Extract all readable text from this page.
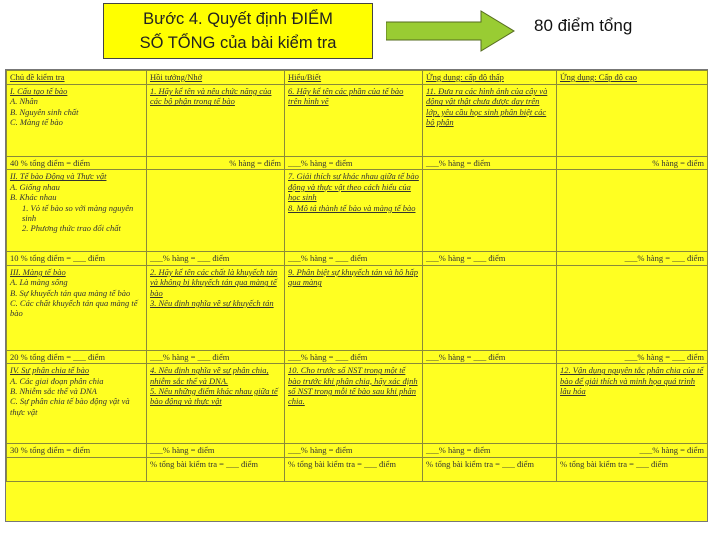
Bước 4. Quyết định ĐIỂM
SỐ TỔNG của bài kiểm tra
80 điểm tổng
Chủ đề kiểm tra	Hồi tưởng/Nhớ	Hiểu/Biết	Ứng dụng: cấp độ thấp	Ứng dụng: Cấp độ cao

I. Cấu tạo tế bào
A. Nhân
B. Nguyên sinh chất
C. Màng tế bào	1. Hãy kể tên và nêu chức năng của các bộ phận trong tế bào	6. Hãy kể tên các phần của tế bào trên hình vẽ	11. Đưa ra các hình ảnh của cây và động vật thật chưa được dạy trên lớp, yêu cầu học sinh phân biệt các bộ phận	
40 % tổng điểm = điểm	% hàng = điểm	___% hàng = điểm	___% hàng = điểm	% hàng = điểm

II. Tế bào Động và Thực vật
A. Giống nhau
B. Khác nhau
1. Vỏ tế bào so với màng nguyên sinh
2. Phương thức trao đổi chất		7. Giải thích sự khác nhau giữa tế bào động và thực vật theo cách hiểu của học sinh
8. Mô tả thành tế bào và màng tế bào		

10 % tổng điểm = ___ điểm	___% hàng = ___ điểm	___% hàng = ___ điểm	___% hàng = ___ điểm	___% hàng = ___ điểm

III. Màng tế bào
A. Là màng sống
B. Sự khuyếch tán qua màng tế bào
C. Các chất khuyếch tán qua màng tế bào	2. Hãy kể tên các chất là khuyếch tán và không bị khuyếch tán qua màng tế bào
3. Nêu định nghĩa về sự khuyếch tán	9. Phân biệt sự khuyếch tán và hô hấp qua màng		
20 % tổng điểm = ___ điểm	___% hàng = ___ điểm	___% hàng = ___ điểm	___% hàng = ___ điểm	___% hàng = ___ điểm

IV. Sự phân chia tế bào
A. Các giai đoạn phân chia
B. Nhiễm sắc thể và DNA
C. Sự phân chia tế bào động vật và thực vật	4. Nêu định nghĩa về sự phân chia, nhiễm sắc thể và DNA.
5. Nêu những điểm khác nhau giữa tế bào động và thực vật	10. Cho trước số NST trong một tế bào trước khi phân chia, hãy xác định số NST trong mỗi tế bào sau khi phân chia.		12. Vận dụng nguyên tắc phân chia của tế bào để giải thích và minh họa quá trình lâu hóa
30 % tổng điểm = điểm	___% hàng = điểm	___% hàng = điểm	___% hàng = điểm	___% hàng = điểm
	% tổng bài kiểm tra = ___ điểm	% tổng bài kiểm tra = ___ điểm	% tổng bài kiểm tra = ___ điểm	% tổng bài kiểm tra = ___ điểm
